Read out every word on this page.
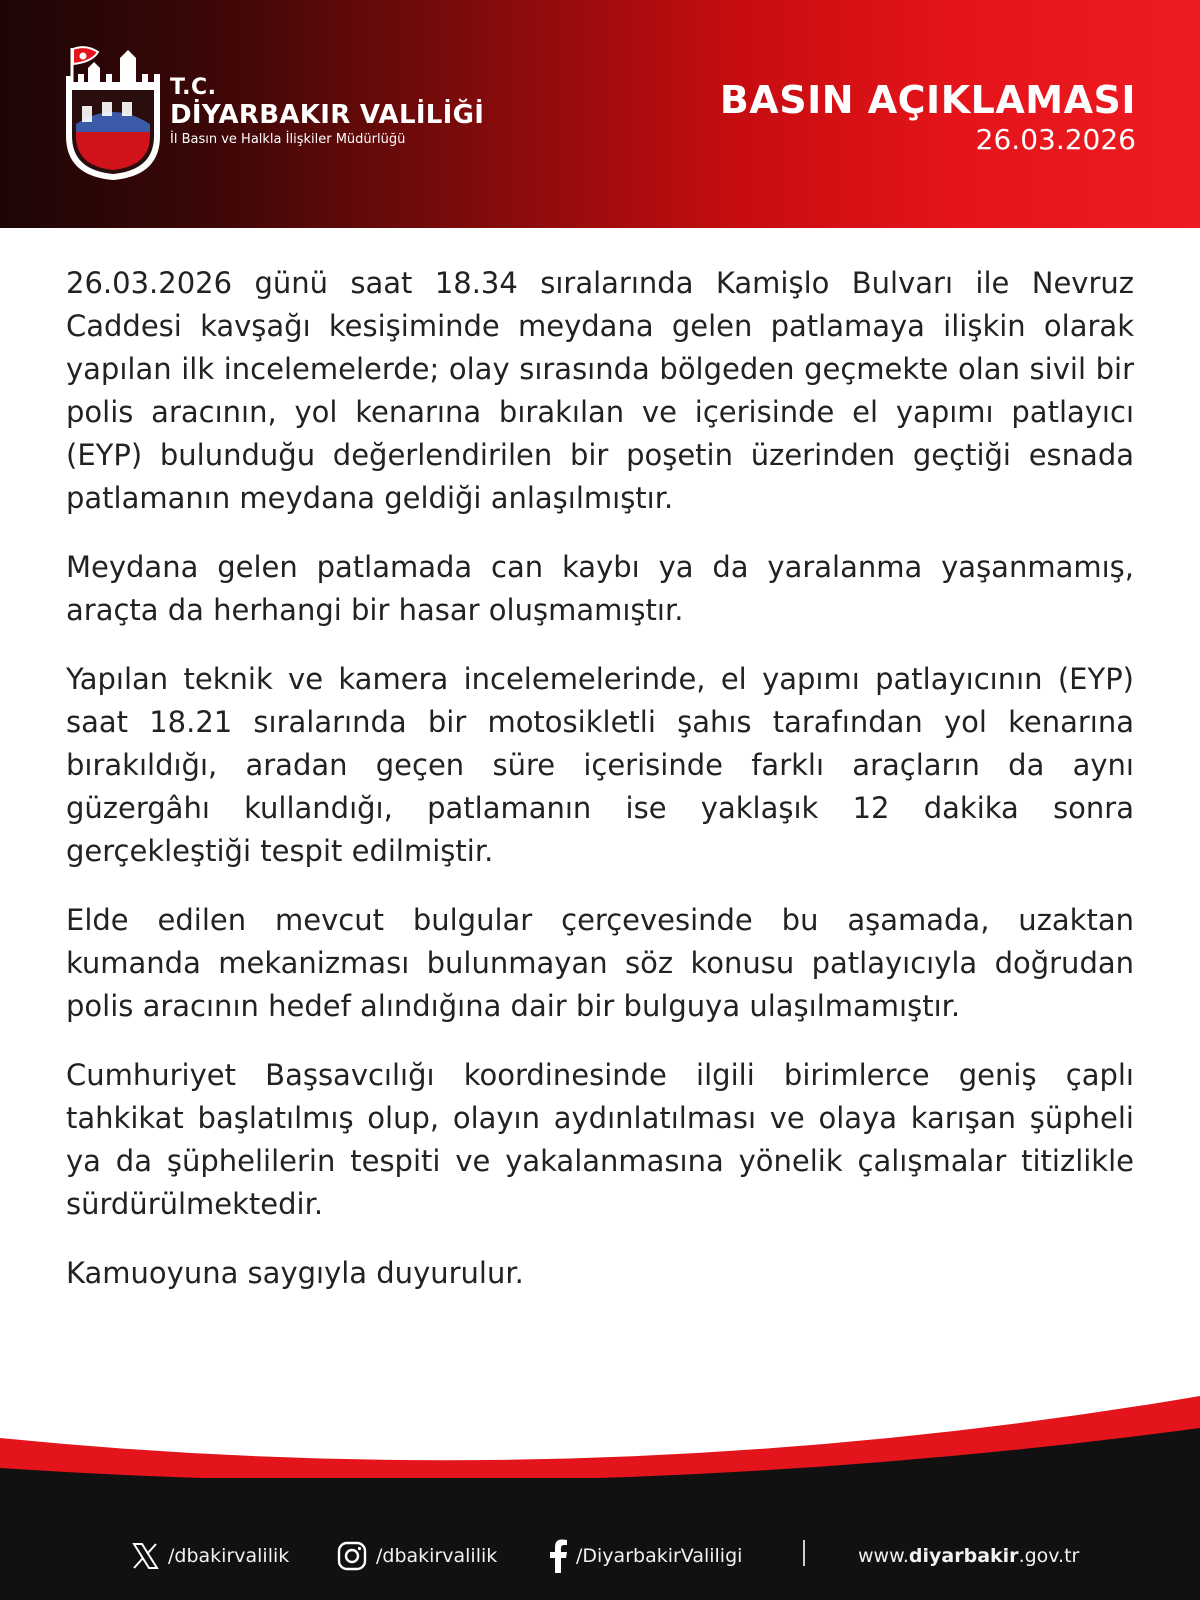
T.C.
DİYARBAKIR VALİLİĞİ
İl Basın ve Halkla İlişkiler Müdürlüğü
BASIN AÇIKLAMASI
26.03.2026

26.03.2026 günü saat 18.34 sıralarında Kamişlo Bulvarı ile Nevruz Caddesi kavşağı kesişiminde meydana gelen patlamaya ilişkin olarak yapılan ilk incelemelerde; olay sırasında bölgeden geçmekte olan sivil bir polis aracının, yol kenarına bırakılan ve içerisinde el yapımı patlayıcı (EYP) bulunduğu değerlendirilen bir poşetin üzerinden geçtiği esnada patlamanın meydana geldiği anlaşılmıştır.

Meydana gelen patlamada can kaybı ya da yaralanma yaşanmamış, araçta da herhangi bir hasar oluşmamıştır.

Yapılan teknik ve kamera incelemelerinde, el yapımı patlayıcının (EYP) saat 18.21 sıralarında bir motosikletli şahıs tarafından yol kenarına bırakıldığı, aradan geçen süre içerisinde farklı araçların da aynı güzergâhı kullandığı, patlamanın ise yaklaşık 12 dakika sonra gerçekleştiği tespit edilmiştir.

Elde edilen mevcut bulgular çerçevesinde bu aşamada, uzaktan kumanda mekanizması bulunmayan söz konusu patlayıcıyla doğrudan polis aracının hedef alındığına dair bir bulguya ulaşılmamıştır.

Cumhuriyet Başsavcılığı koordinesinde ilgili birimlerce geniş çaplı tahkikat başlatılmış olup, olayın aydınlatılması ve olaya karışan şüpheli ya da şüphelilerin tespiti ve yakalanmasına yönelik çalışmalar titizlikle sürdürülmektedir.

Kamuoyuna saygıyla duyurulur.

/dbakirvalilik	/dbakirvalilik	/DiyarbakirValiligi	www. diyarbakir .gov.tr
